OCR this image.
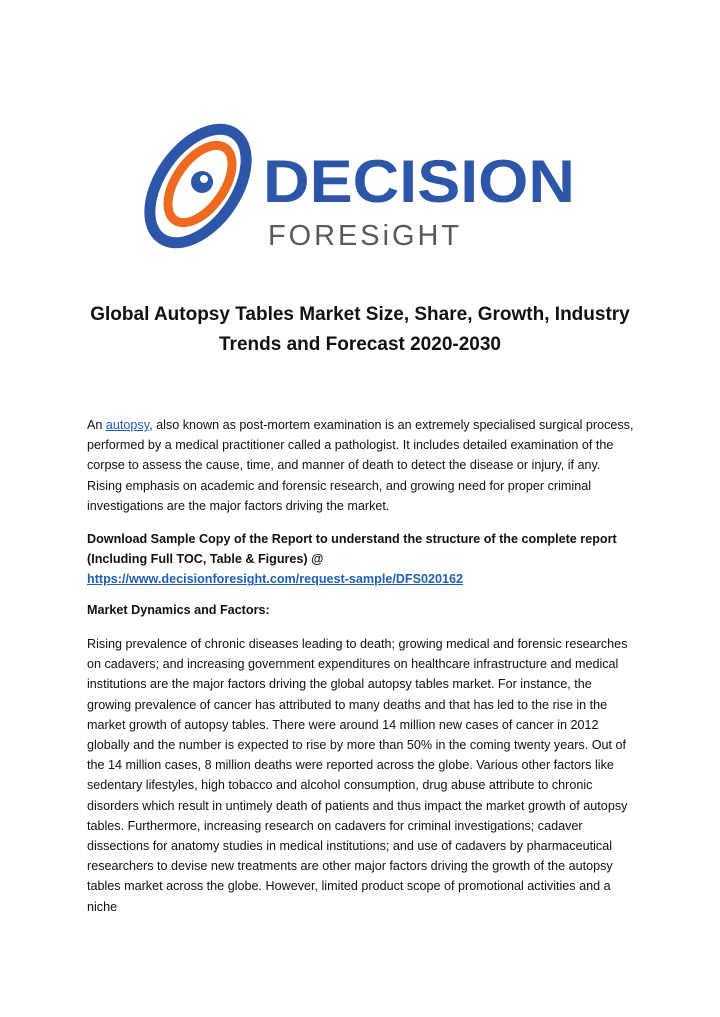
DECISION
FORESiGHT
Global Autopsy Tables Market Size, Share, Growth, Industry
Trends and Forecast 2020-2030
An autopsy, also known as post-mortem examination is an extremely specialised surgical process, performed by a medical practitioner called a pathologist. It includes detailed examination of the corpse to assess the cause, time, and manner of death to detect the disease or injury, if any. Rising emphasis on academic and forensic research, and growing need for proper criminal investigations are the major factors driving the market.
Download Sample Copy of the Report to understand the structure of the complete report (Including Full TOC, Table & Figures) @
https://www.decisionforesight.com/request-sample/DFS020162
Market Dynamics and Factors:
Rising prevalence of chronic diseases leading to death; growing medical and forensic researches on cadavers; and increasing government expenditures on healthcare infrastructure and medical institutions are the major factors driving the global autopsy tables market. For instance, the growing prevalence of cancer has attributed to many deaths and that has led to the rise in the market growth of autopsy tables. There were around 14 million new cases of cancer in 2012 globally and the number is expected to rise by more than 50% in the coming twenty years. Out of the 14 million cases, 8 million deaths were reported across the globe. Various other factors like sedentary lifestyles, high tobacco and alcohol consumption, drug abuse attribute to chronic disorders which result in untimely death of patients and thus impact the market growth of autopsy tables. Furthermore, increasing research on cadavers for criminal investigations; cadaver dissections for anatomy studies in medical institutions; and use of cadavers by pharmaceutical researchers to devise new treatments are other major factors driving the growth of the autopsy tables market across the globe. However, limited product scope of promotional activities and a niche
